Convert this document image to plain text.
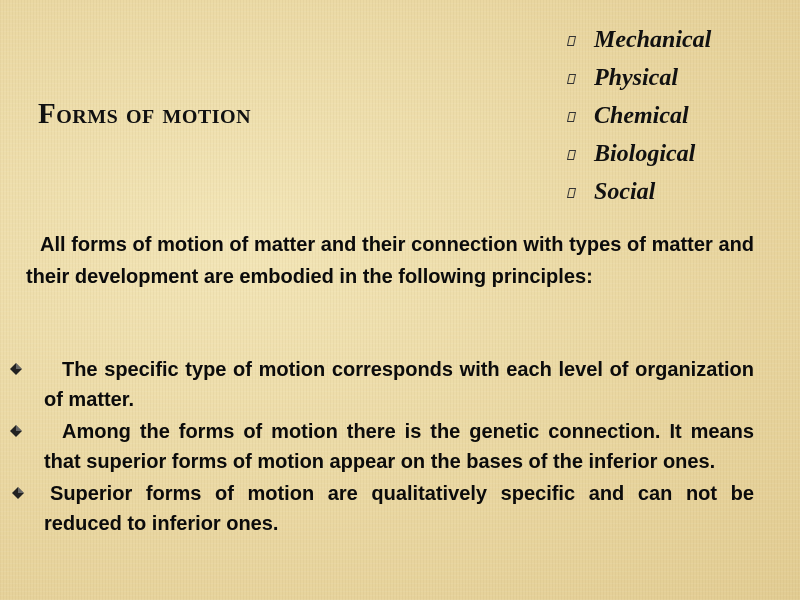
Forms of motion
Mechanical
Physical
Chemical
Biological
Social

All forms of motion of matter and their connection with types of matter and their development are embodied in the following principles:

The specific type of motion corresponds with each level of organization of matter.
Among the forms of motion there is the genetic connection. It means that superior forms of motion appear on the bases of the inferior ones.
Superior forms of motion are qualitatively specific and can not be reduced to inferior ones.
